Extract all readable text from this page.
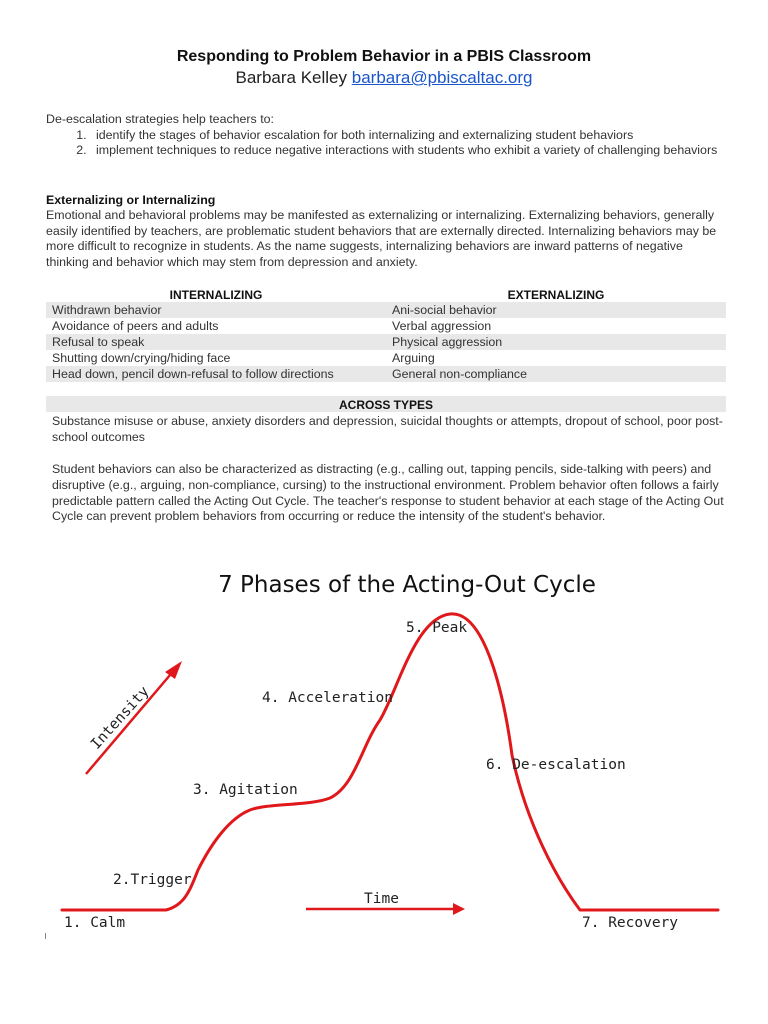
Responding to Problem Behavior in a PBIS Classroom
Barbara Kelley barbara@pbiscaltac.org
De-escalation strategies help teachers to:
1. identify the stages of behavior escalation for both internalizing and externalizing student behaviors
2. implement techniques to reduce negative interactions with students who exhibit a variety of challenging behaviors
Externalizing or Internalizing
Emotional and behavioral problems may be manifested as externalizing or internalizing. Externalizing behaviors, generally easily identified by teachers, are problematic student behaviors that are externally directed. Internalizing behaviors may be more difficult to recognize in students. As the name suggests, internalizing behaviors are inward patterns of negative thinking and behavior which may stem from depression and anxiety.
INTERNALIZING	EXTERNALIZING
Withdrawn behavior	Ani-social behavior
Avoidance of peers and adults	Verbal aggression
Refusal to speak	Physical aggression
Shutting down/crying/hiding face	Arguing
Head down, pencil down-refusal to follow directions	General non-compliance
ACROSS TYPES
Substance misuse or abuse, anxiety disorders and depression, suicidal thoughts or attempts, dropout of school, poor post-school outcomes
Student behaviors can also be characterized as distracting (e.g., calling out, tapping pencils, side-talking with peers) and disruptive (e.g., arguing, non-compliance, cursing) to the instructional environment. Problem behavior often follows a fairly predictable pattern called the Acting Out Cycle. The teacher's response to student behavior at each stage of the Acting Out Cycle can prevent problem behaviors from occurring or reduce the intensity of the student's behavior.
7 Phases of the Acting-Out Cycle
Intensity
Time
1. Calm
2.Trigger
3. Agitation
4. Acceleration
5. Peak
6. De-escalation
7. Recovery
